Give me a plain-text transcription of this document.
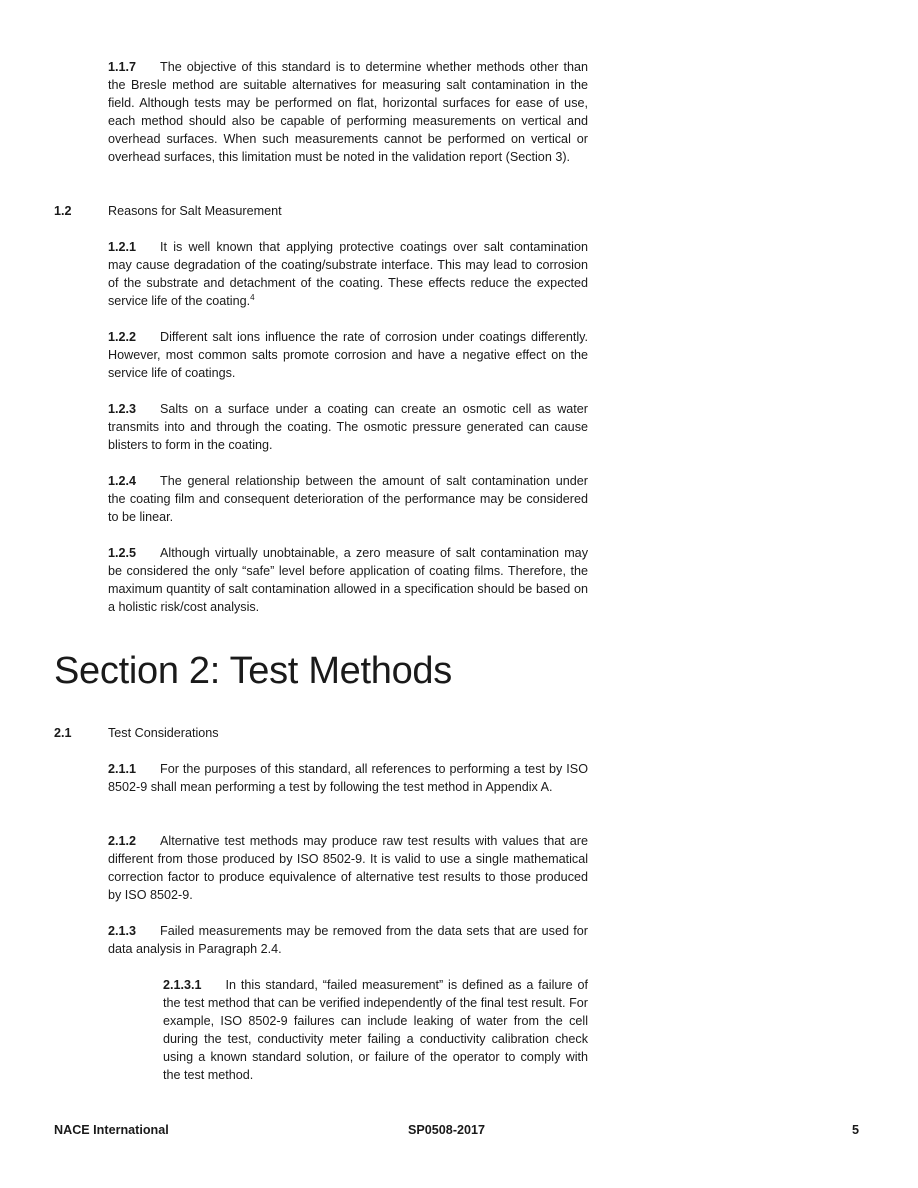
1.1.7 The objective of this standard is to determine whether methods other than the Bresle method are suitable alternatives for measuring salt contamination in the field. Although tests may be performed on flat, horizontal surfaces for ease of use, each method should also be capable of performing measurements on vertical and overhead surfaces. When such measurements cannot be performed on vertical or overhead surfaces, this limitation must be noted in the validation report (Section 3).
1.2	Reasons for Salt Measurement
1.2.1 It is well known that applying protective coatings over salt contamination may cause degradation of the coating/substrate interface. This may lead to corrosion of the substrate and detachment of the coating. These effects reduce the expected service life of the coating.$^4$
1.2.2 Different salt ions influence the rate of corrosion under coatings differently. However, most common salts promote corrosion and have a negative effect on the service life of coatings.
1.2.3 Salts on a surface under a coating can create an osmotic cell as water transmits into and through the coating. The osmotic pressure generated can cause blisters to form in the coating.
1.2.4 The general relationship between the amount of salt contamination under the coating film and consequent deterioration of the performance may be considered to be linear.
1.2.5 Although virtually unobtainable, a zero measure of salt contamination may be considered the only “safe” level before application of coating films. Therefore, the maximum quantity of salt contamination allowed in a specification should be based on a holistic risk/cost analysis.
Section 2: Test Methods
2.1	Test Considerations
2.1.1 For the purposes of this standard, all references to performing a test by ISO 8502-9 shall mean performing a test by following the test method in Appendix A.
2.1.2 Alternative test methods may produce raw test results with values that are different from those produced by ISO 8502-9. It is valid to use a single mathematical correction factor to produce equivalence of alternative test results to those produced by ISO 8502-9.
2.1.3 Failed measurements may be removed from the data sets that are used for data analysis in Paragraph 2.4.
2.1.3.1 In this standard, “failed measurement” is defined as a failure of the test method that can be verified independently of the final test result. For example, ISO 8502-9 failures can include leaking of water from the cell during the test, conductivity meter failing a conductivity calibration check using a known standard solution, or failure of the operator to comply with the test method.
NACE International	SP0508-2017	5
